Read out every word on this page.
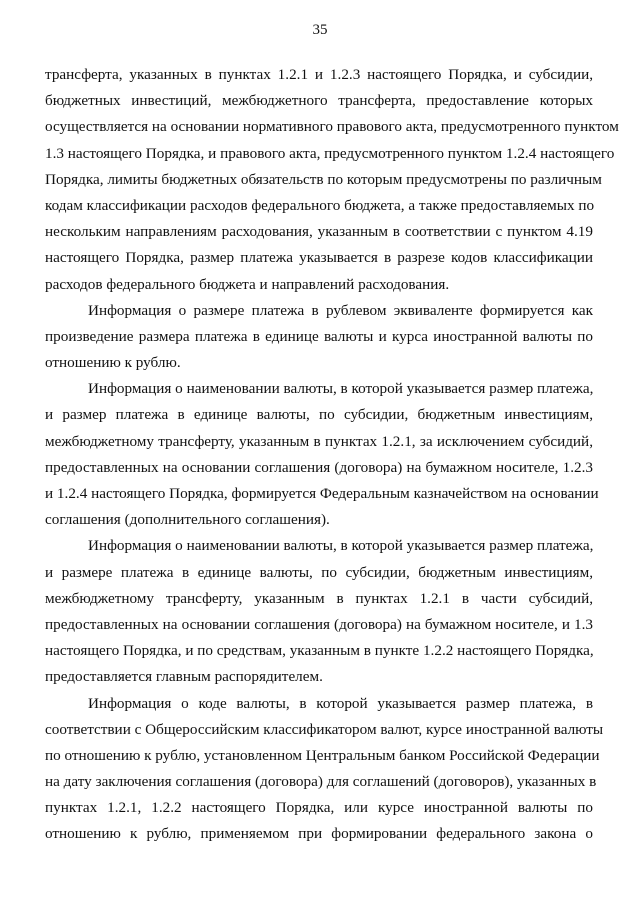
35
трансферта, указанных в пунктах 1.2.1 и 1.2.3 настоящего Порядка, и субсидии,
бюджетных инвестиций, межбюджетного трансферта, предоставление которых
осуществляется на основании нормативного правового акта, предусмотренного пунктом
1.3 настоящего Порядка, и правового акта, предусмотренного пунктом 1.2.4 настоящего
Порядка, лимиты бюджетных обязательств по которым предусмотрены по различным
кодам классификации расходов федерального бюджета, а также предоставляемых по
нескольким направлениям расходования, указанным в соответствии с пунктом 4.19
настоящего Порядка, размер платежа указывается в разрезе кодов классификации
расходов федерального бюджета и направлений расходования.
Информация о размере платежа в рублевом эквиваленте формируется как
произведение размера платежа в единице валюты и курса иностранной валюты по
отношению к рублю.
Информация о наименовании валюты, в которой указывается размер платежа,
и размер платежа в единице валюты, по субсидии, бюджетным инвестициям,
межбюджетному трансферту, указанным в пунктах 1.2.1, за исключением субсидий,
предоставленных на основании соглашения (договора) на бумажном носителе, 1.2.3
и 1.2.4 настоящего Порядка, формируется Федеральным казначейством на основании
соглашения (дополнительного соглашения).
Информация о наименовании валюты, в которой указывается размер платежа,
и размере платежа в единице валюты, по субсидии, бюджетным инвестициям,
межбюджетному трансферту, указанным в пунктах 1.2.1 в части субсидий,
предоставленных на основании соглашения (договора) на бумажном носителе, и 1.3
настоящего Порядка, и по средствам, указанным в пункте 1.2.2 настоящего Порядка,
предоставляется главным распорядителем.
Информация о коде валюты, в которой указывается размер платежа, в
соответствии с Общероссийским классификатором валют, курсе иностранной валюты
по отношению к рублю, установленном Центральным банком Российской Федерации
на дату заключения соглашения (договора) для соглашений (договоров), указанных в
пунктах 1.2.1, 1.2.2 настоящего Порядка, или курсе иностранной валюты по
отношению к рублю, применяемом при формировании федерального закона о
